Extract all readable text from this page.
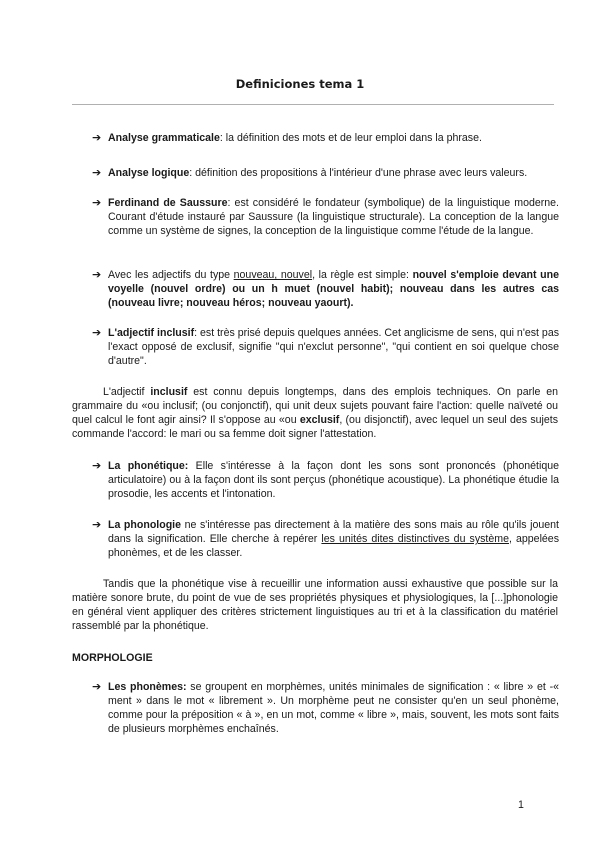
Definiciones tema 1
➔ Analyse grammaticale: la définition des mots et de leur emploi dans la phrase.
➔ Analyse logique: définition des propositions à l'intérieur d'une phrase avec leurs valeurs.
➔ Ferdinand de Saussure: est considéré le fondateur (symbolique) de la linguistique moderne. Courant d'étude instauré par Saussure (la linguistique structurale). La conception de la langue comme un système de signes, la conception de la linguistique comme l'étude de la langue.
➔ Avec les adjectifs du type nouveau, nouvel, la règle est simple: nouvel s'emploie devant une voyelle (nouvel ordre) ou un h muet (nouvel habit); nouveau dans les autres cas (nouveau livre; nouveau héros; nouveau yaourt).
➔ L'adjectif inclusif: est très prisé depuis quelques années. Cet anglicisme de sens, qui n'est pas l'exact opposé de exclusif, signifie "qui n'exclut personne", "qui contient en soi quelque chose d'autre".
L'adjectif inclusif est connu depuis longtemps, dans des emplois techniques. On parle en grammaire du «ou inclusif; (ou conjonctif), qui unit deux sujets pouvant faire l'action: quelle naïveté ou quel calcul le font agir ainsi? Il s'oppose au «ou exclusif, (ou disjonctif), avec lequel un seul des sujets commande l'accord: le mari ou sa femme doit signer l'attestation.
➔ La phonétique: Elle s'intéresse à la façon dont les sons sont prononcés (phonétique articulatoire) ou à la façon dont ils sont perçus (phonétique acoustique). La phonétique étudie la prosodie, les accents et l'intonation.
➔ La phonologie ne s'intéresse pas directement à la matière des sons mais au rôle qu'ils jouent dans la signification. Elle cherche à repérer les unités dites distinctives du système, appelées phonèmes, et de les classer.
Tandis que la phonétique vise à recueillir une information aussi exhaustive que possible sur la matière sonore brute, du point de vue de ses propriétés physiques et physiologiques, la [...]phonologie en général vient appliquer des critères strictement linguistiques au tri et à la classification du matériel rassemblé par la phonétique.
MORPHOLOGIE
➔ Les phonèmes: se groupent en morphèmes, unités minimales de signification : « libre » et -« ment » dans le mot « librement ». Un morphème peut ne consister qu'en un seul phonème, comme pour la préposition « à », en un mot, comme « libre », mais, souvent, les mots sont faits de plusieurs morphèmes enchaînés.
1
